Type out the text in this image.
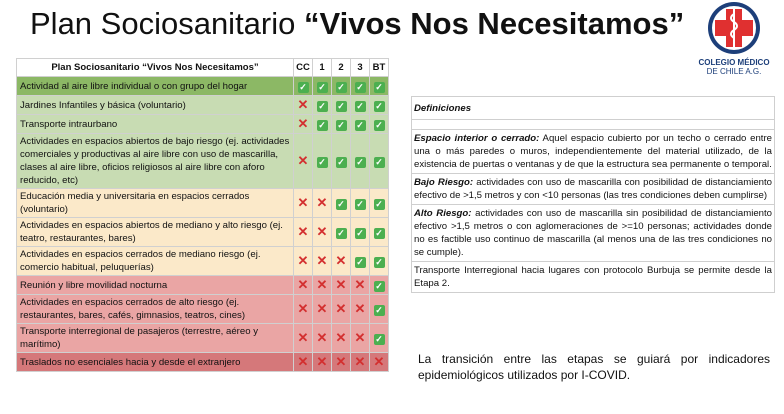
Plan Sociosanitario “Vivos Nos Necesitamos”
COLEGIO MÉDICO
DE CHILE A.G.
Plan Sociosanitario “Vivos Nos Necesitamos”	CC	1	2	3	BT
Actividad al aire libre individual o con grupo del hogar	✓	✓	✓	✓	✓
Jardines Infantiles y básica (voluntario)	✕	✓	✓	✓	✓
Transporte intraurbano	✕	✓	✓	✓	✓
Actividades en espacios abiertos de bajo riesgo (ej. actividades comerciales y productivas al aire libre con uso de mascarilla, clases al aire libre, oficios religiosos al aire libre con aforo reducido, etc)	✕	✓	✓	✓	✓
Educación media y universitaria en espacios cerrados (voluntario)	✕	✕	✓	✓	✓
Actividades en espacios abiertos de mediano y alto riesgo (ej. teatro, restaurantes, bares)	✕	✕	✓	✓	✓
Actividades en espacios cerrados de mediano riesgo (ej. comercio habitual, peluquerías)	✕	✕	✕	✓	✓
Reunión y libre movilidad nocturna	✕	✕	✕	✕	✓
Actividades en espacios cerrados de alto riesgo (ej. restaurantes, bares, cafés, gimnasios, teatros, cines)	✕	✕	✕	✕	✓
Transporte interregional de pasajeros (terrestre, aéreo y marítimo)	✕	✕	✕	✕	✓
Traslados no esenciales hacia y desde el extranjero	✕	✕	✕	✕	✕
Definiciones

Espacio interior o cerrado: Aquel espacio cubierto por un techo o cerrado entre una o más paredes o muros, independientemente del material utilizado, de la existencia de puertas o ventanas y de que la estructura sea permanente o temporal.
Bajo Riesgo: actividades con uso de mascarilla con posibilidad de distanciamiento efectivo de >1,5 metros y con <10 personas (las tres condiciones deben cumplirse)
Alto Riesgo: actividades con uso de mascarilla sin posibilidad de distanciamiento efectivo >1,5 metros o con aglomeraciones de >=10 personas; actividades donde no es factible uso continuo de mascarilla (al menos una de las tres condiciones no se cumple).
Transporte Interregional hacia lugares con protocolo Burbuja se permite desde la Etapa 2.
La transición entre las etapas se guiará por indicadores epidemiológicos utilizados por I-COVID.
